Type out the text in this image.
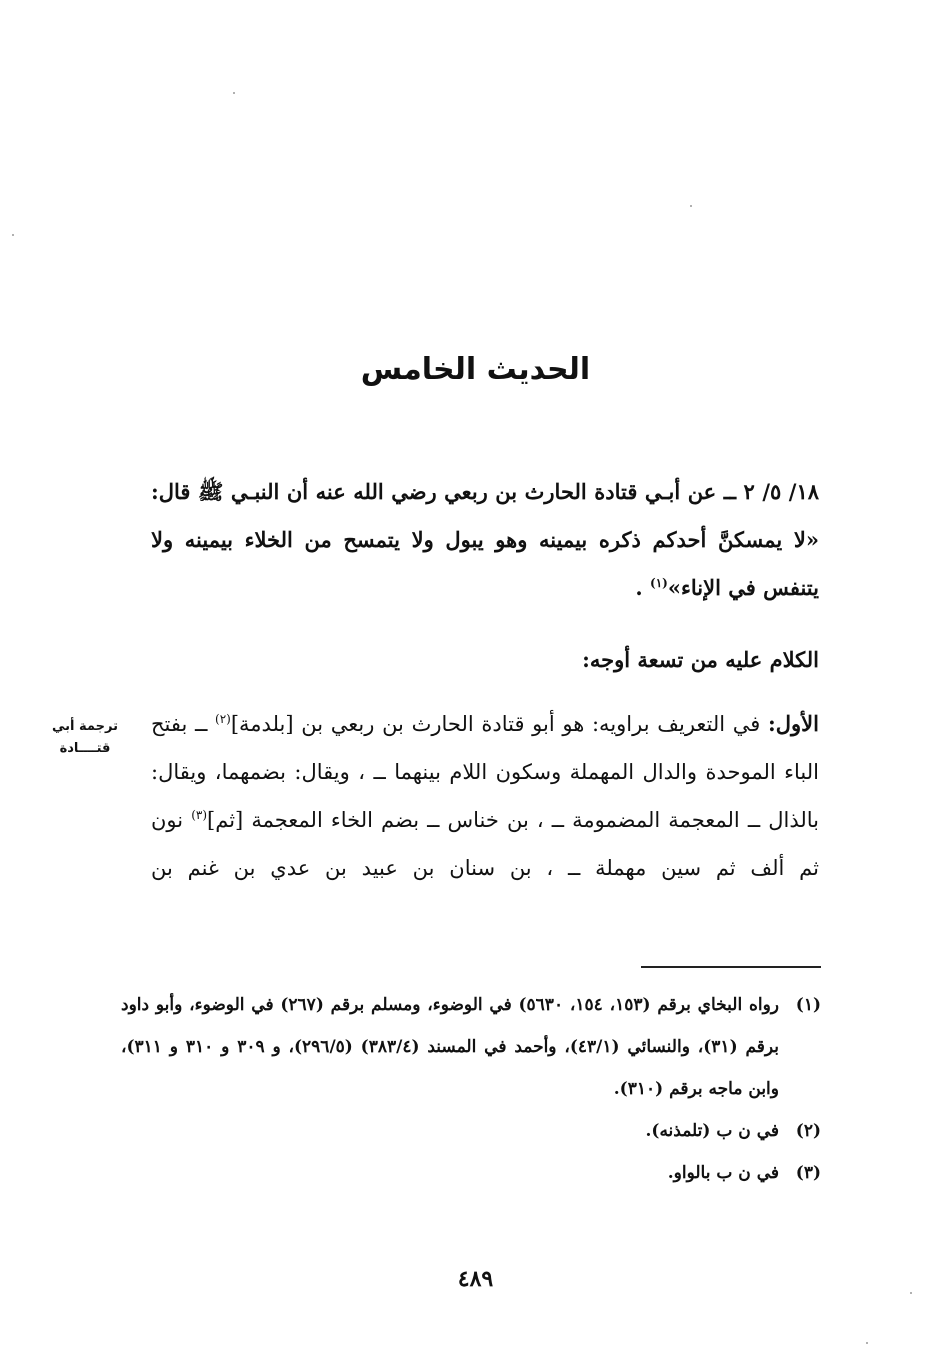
الحديث الخامس

١٨/ ٥/ ٢ ــ عن أبـي قتادة الحارث بن ربعي رضي الله عنه أن النبـي ﷺ قال: «لا يمسكنَّ أحدكم ذكره بيمينه وهو يبول ولا يتمسح من الخلاء بيمينه ولا يتنفس في الإناء»$^{(١)}$ .

الكلام عليه من تسعة أوجه:

الأول: في التعريف براويه: هو أبو قتادة الحارث بن ربعي بن [بلدمة]$^{(٢)}$ ــ بفتح الباء الموحدة والدال المهملة وسكون اللام بينهما ــ ، ويقال: بضمهما، ويقال: بالذال ــ المعجمة المضمومة ــ ، بن خناس ــ بضم الخاء المعجمة [ثم]$^{(٣)}$ نون ثم ألف ثم سين مهملة ــ ، بن سنان بن عبيد بن عدي بن غنم بن

ترجمة أبي
قتــــادة
(١)

رواه البخاي برقم (١٥٣، ١٥٤، ٥٦٣٠) في الوضوء، ومسلم برقم (٢٦٧) في الوضوء، وأبو داود برقم (٣١)، والنسائي (٤٣/١)، وأحمد في المسند (٣٨٣/٤) (٢٩٦/٥)، و ٣٠٩ و ٣١٠ و ٣١١)، وابن ماجه برقم (٣١٠).

(٢)

في ن ب (تلمذنه).

(٣)

في ن ب بالواو.

٤٨٩
